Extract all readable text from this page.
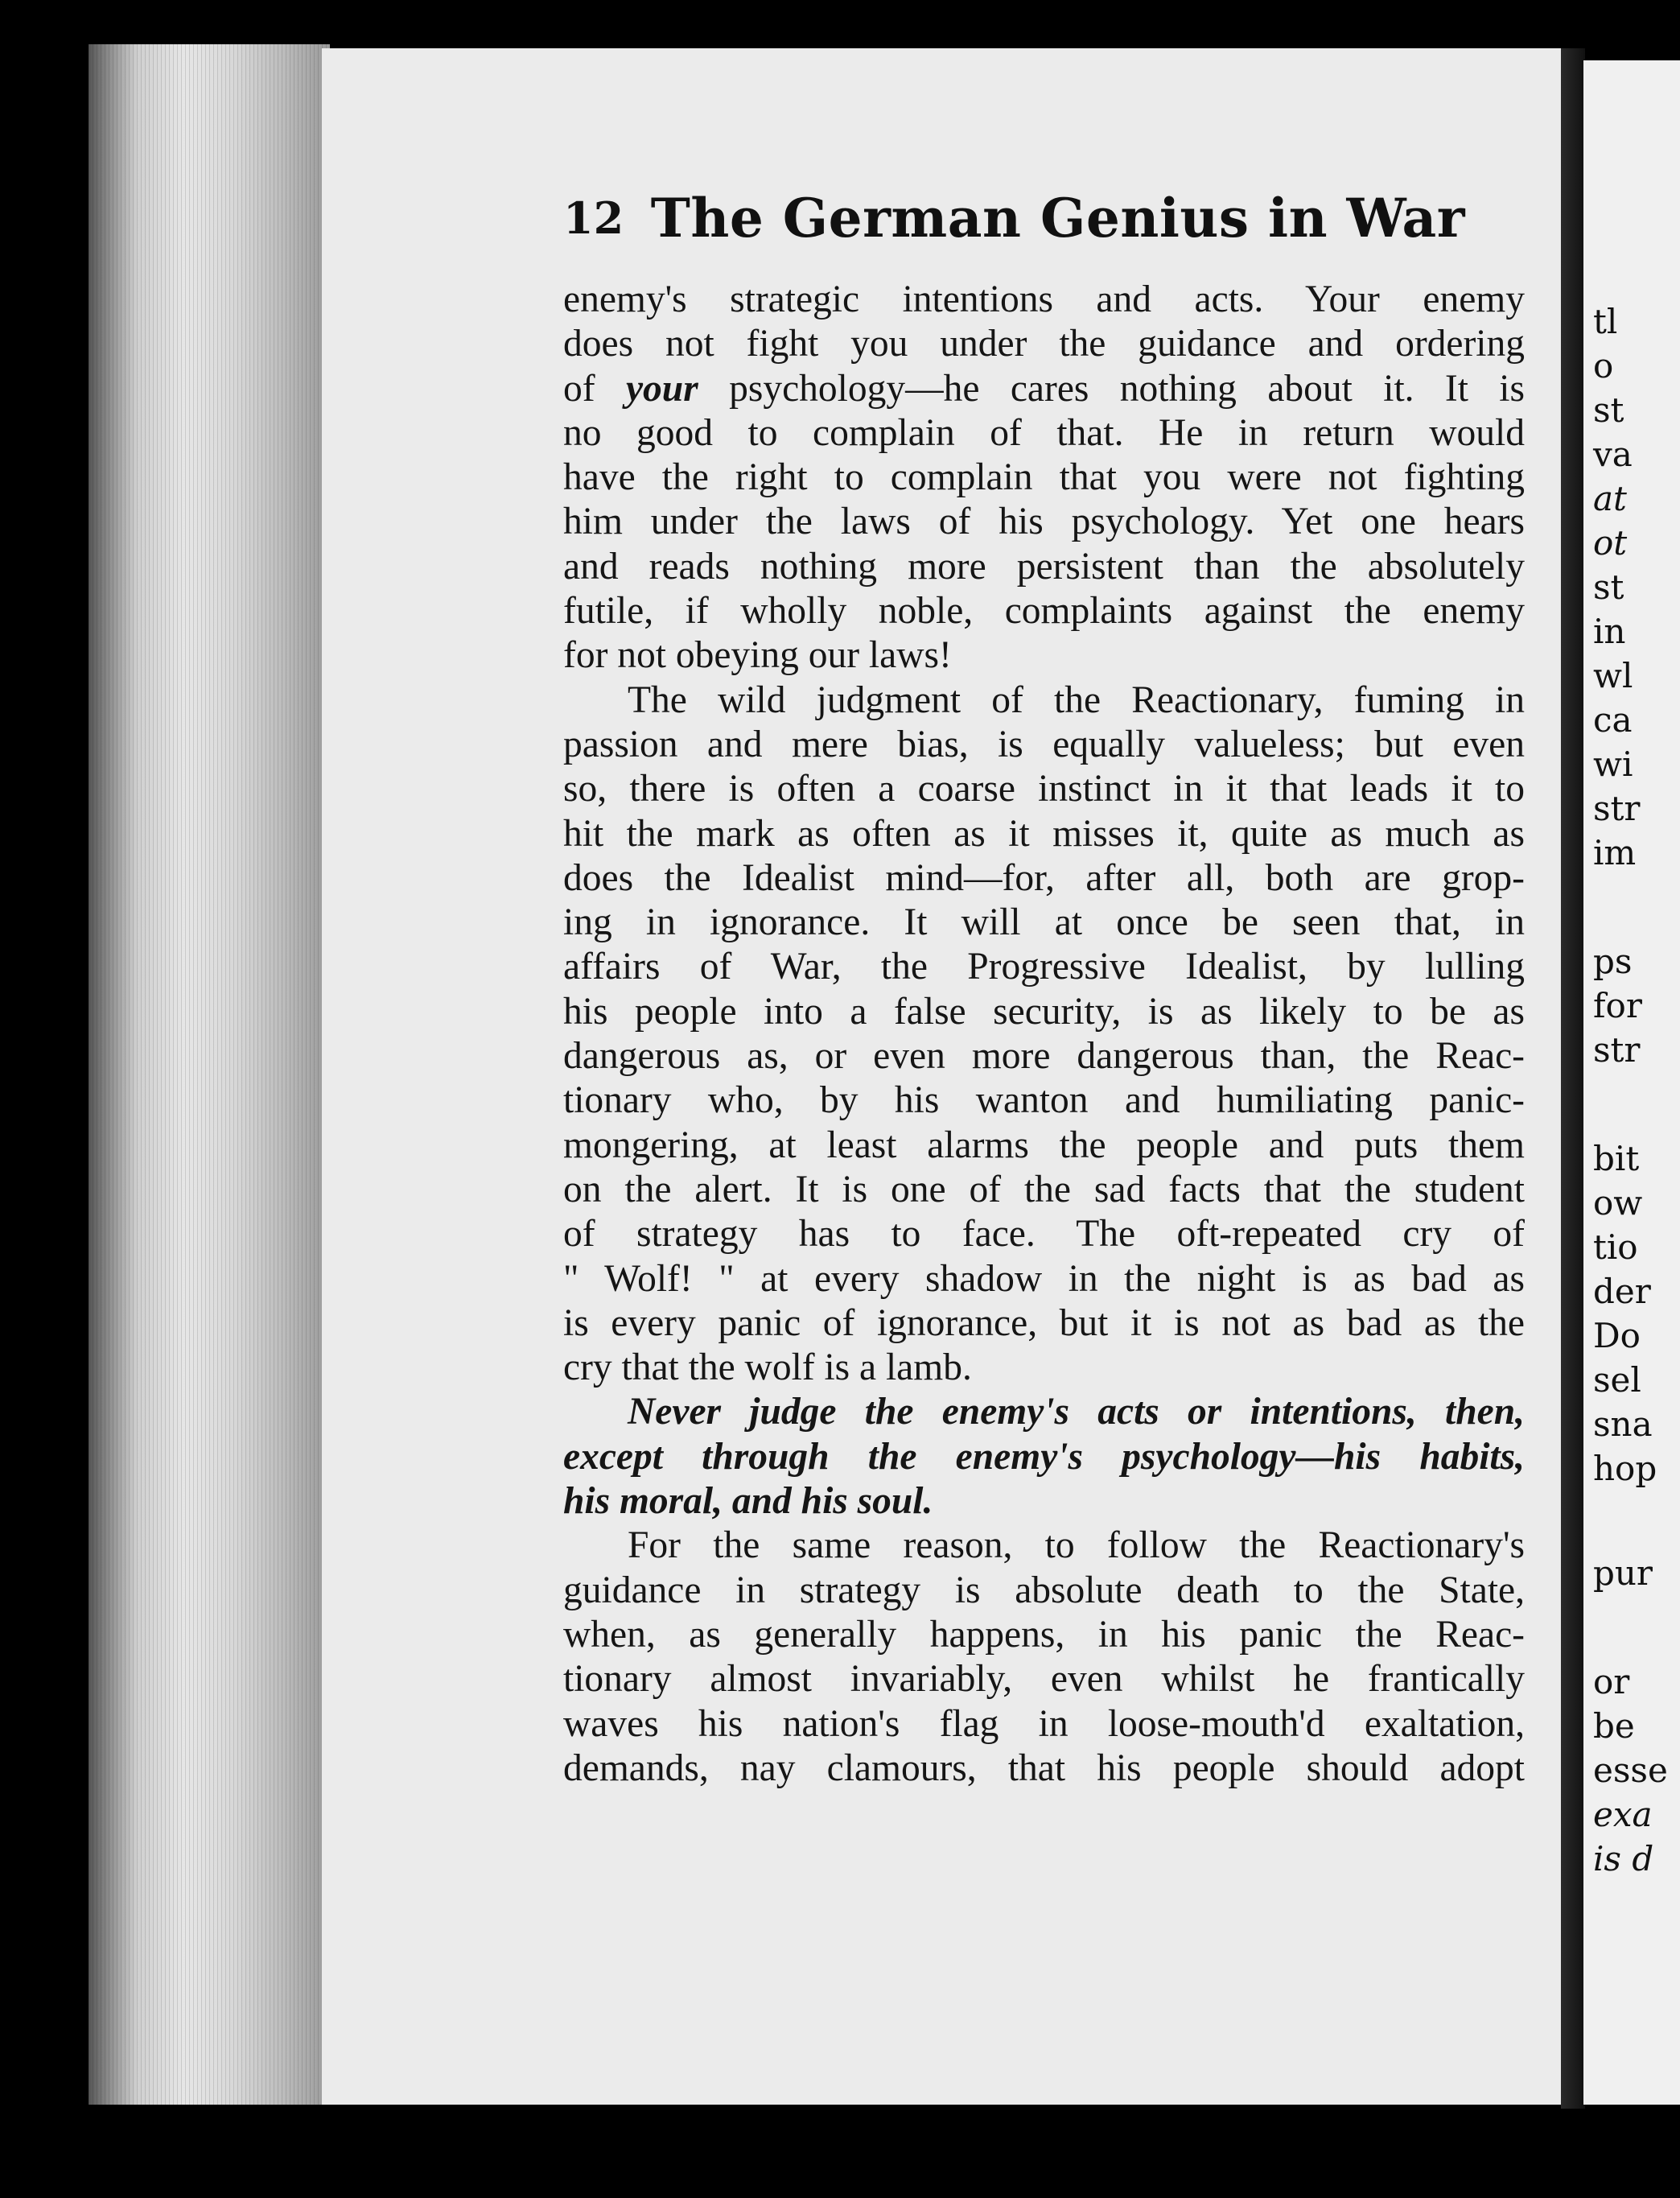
12 The German Genius in War
enemy's strategic intentions and acts. Your enemy
does not fight you under the guidance and ordering
of your psychology—he cares nothing about it. It is
no good to complain of that. He in return would
have the right to complain that you were not fighting
him under the laws of his psychology. Yet one hears
and reads nothing more persistent than the absolutely
futile, if wholly noble, complaints against the enemy
for not obeying our laws!
The wild judgment of the Reactionary, fuming in
passion and mere bias, is equally valueless; but even
so, there is often a coarse instinct in it that leads it to
hit the mark as often as it misses it, quite as much as
does the Idealist mind—for, after all, both are grop-
ing in ignorance. It will at once be seen that, in
affairs of War, the Progressive Idealist, by lulling
his people into a false security, is as likely to be as
dangerous as, or even more dangerous than, the Reac-
tionary who, by his wanton and humiliating panic-
mongering, at least alarms the people and puts them
on the alert. It is one of the sad facts that the student
of strategy has to face. The oft-repeated cry of
" Wolf! " at every shadow in the night is as bad as
is every panic of ignorance, but it is not as bad as the
cry that the wolf is a lamb.
Never judge the enemy's acts or intentions, then,
except through the enemy's psychology—his habits,
his moral, and his soul.
For the same reason, to follow the Reactionary's
guidance in strategy is absolute death to the State,
when, as generally happens, in his panic the Reac-
tionary almost invariably, even whilst he frantically
waves his nation's flag in loose-mouth'd exaltation,
demands, nay clamours, that his people should adopt
tl
o
st
va
at
ot
st
in
wl
ca
wi
str
im
ps
for
str
bit
ow
tio
der
Do
sel
sna
hop
pur
or
be
esse
exa
is d
